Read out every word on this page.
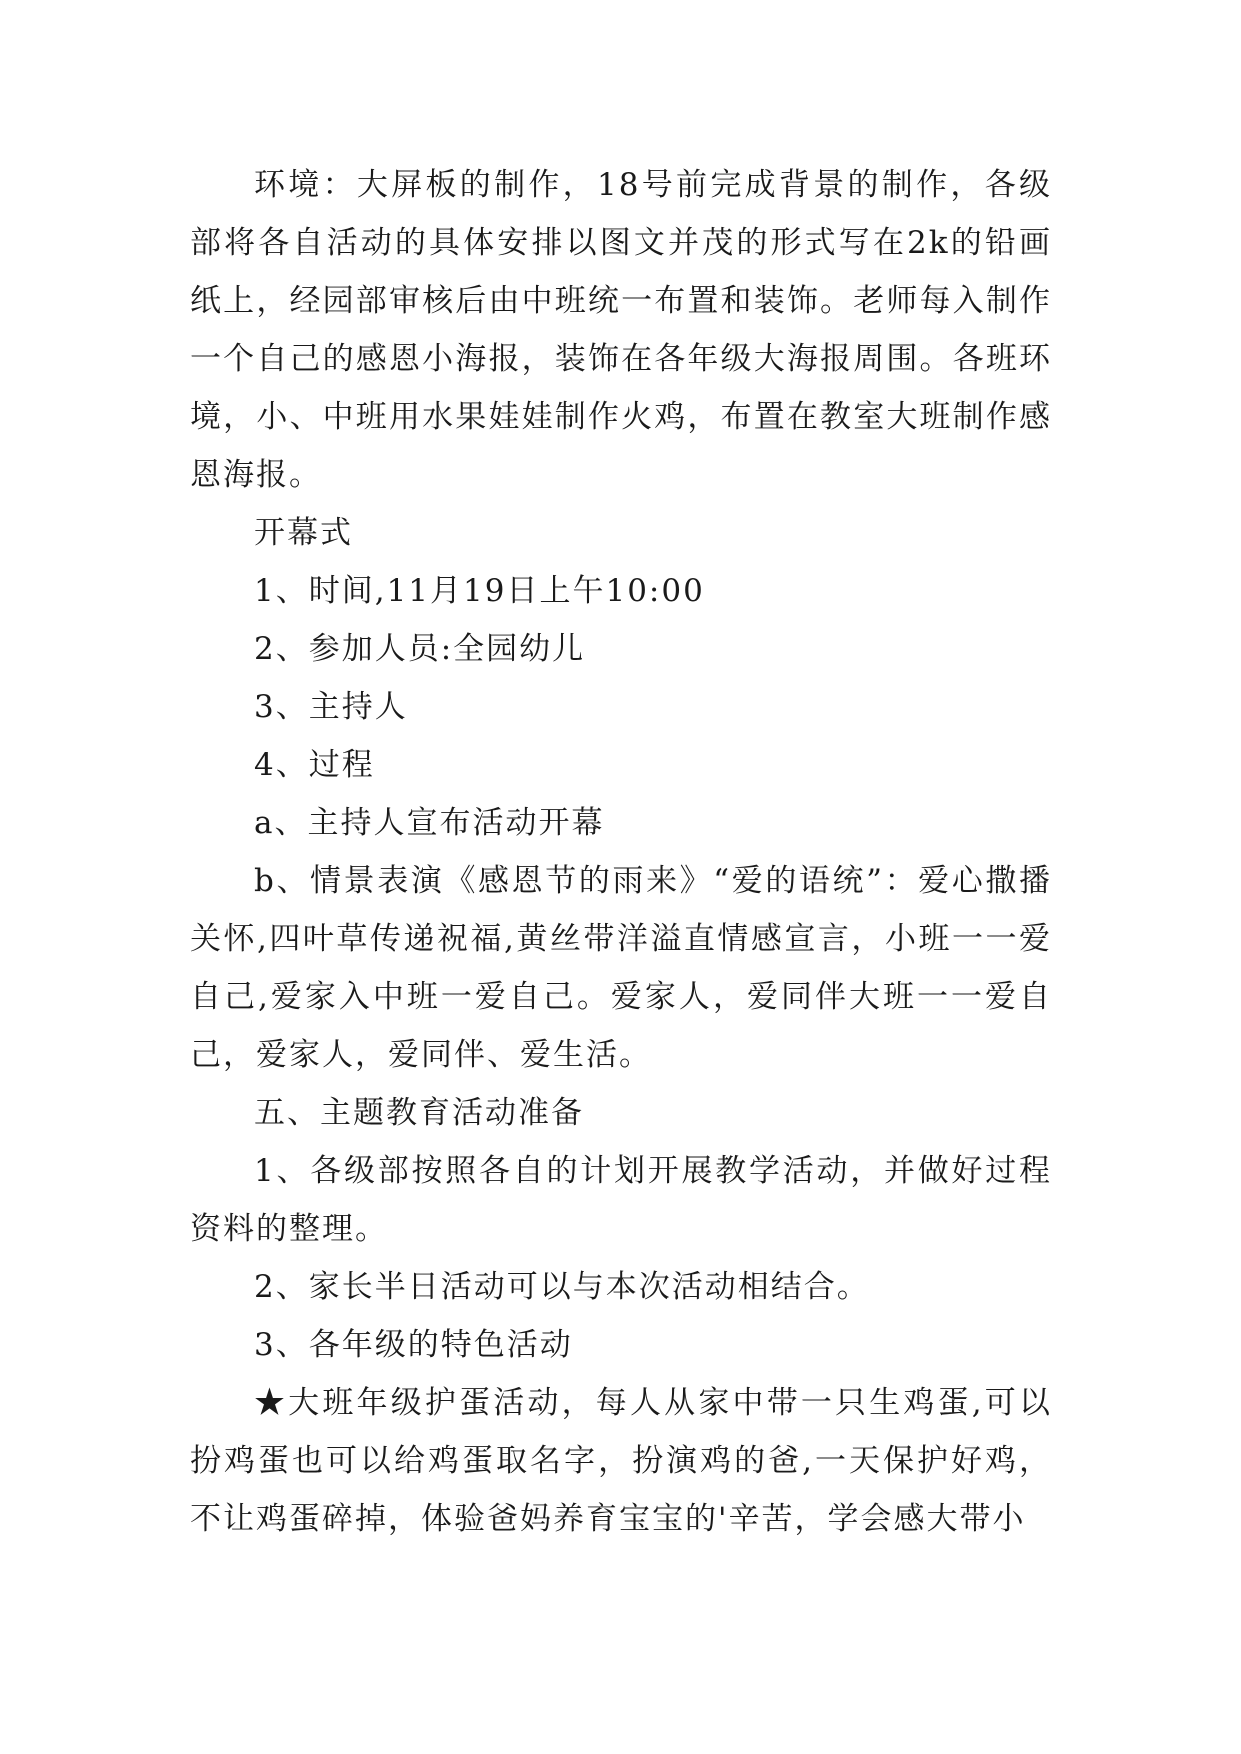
环境：大屏板的制作，18号前完成背景的制作，各级部将各自活动的具体安排以图文并茂的形式写在2k的铅画纸上，经园部审核后由中班统一布置和装饰。老师每入制作一个自己的感恩小海报，装饰在各年级大海报周围。各班环境，小、中班用水果娃娃制作火鸡，布置在教室大班制作感恩海报。

开幕式

1、时间,11月19日上午10:00

2、参加人员:全园幼儿

3、主持人

4、过程

a、主持人宣布活动开幕

b、情景表演《感恩节的雨来》“爱的语统”：爱心撒播关怀,四叶草传递祝福,黄丝带洋溢直情感宣言，小班一一爱自己,爱家入中班一爱自己。爱家人，爱同伴大班一一爱自己，爱家人，爱同伴、爱生活。

五、主题教育活动准备

1、各级部按照各自的计划开展教学活动，并做好过程资料的整理。

2、家长半日活动可以与本次活动相结合。

3、各年级的特色活动

★大班年级护蛋活动，每人从家中带一只生鸡蛋,可以扮鸡蛋也可以给鸡蛋取名字，扮演鸡的爸,一天保护好鸡，不让鸡蛋碎掉，体验爸妈养育宝宝的'辛苦，学会感大带小
